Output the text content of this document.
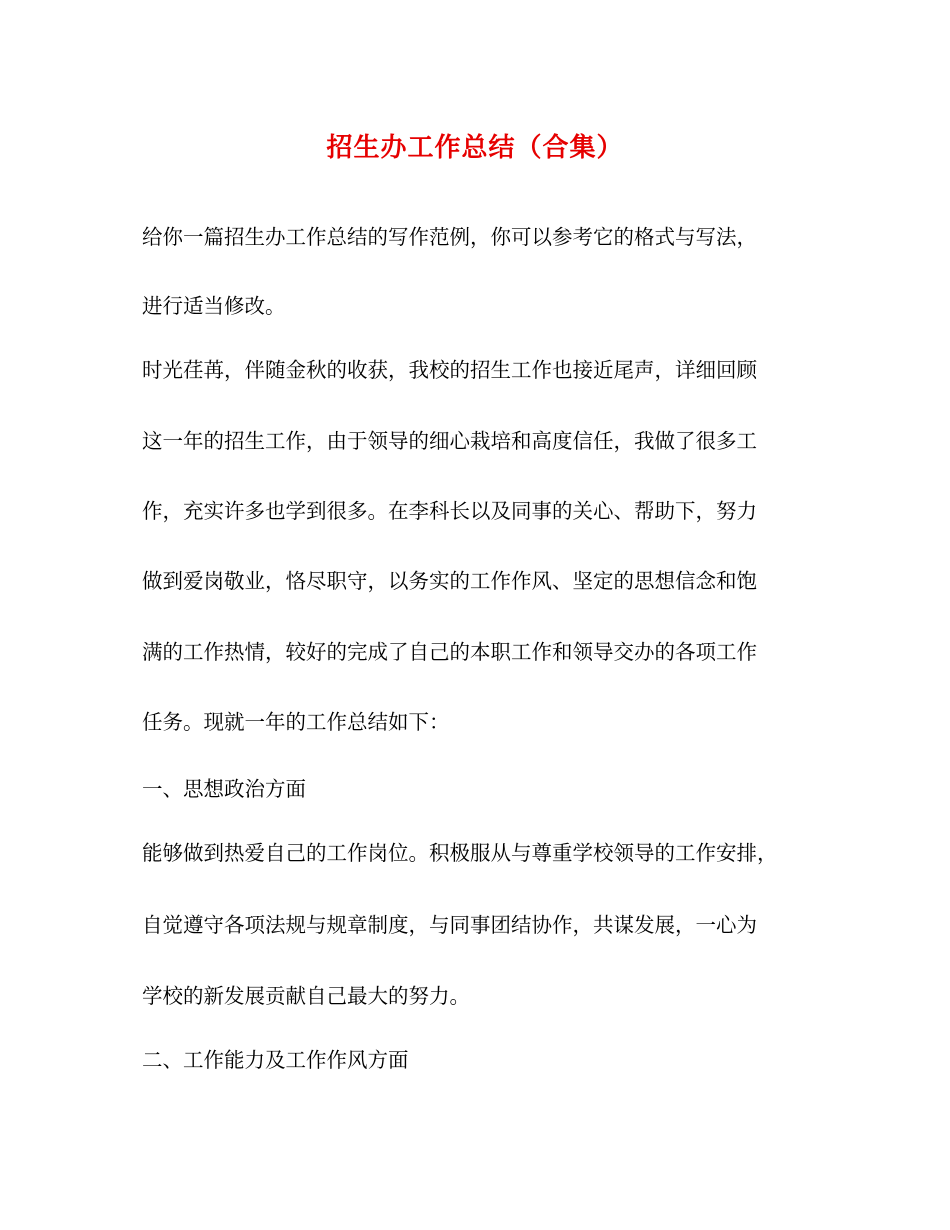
招生办工作总结（合集）
给你一篇招生办工作总结的写作范例，你可以参考它的格式与写法，
进行适当修改。
时光荏苒，伴随金秋的收获，我校的招生工作也接近尾声，详细回顾
这一年的招生工作，由于领导的细心栽培和高度信任，我做了很多工
作，充实许多也学到很多。在李科长以及同事的关心、帮助下，努力
做到爱岗敬业，恪尽职守，以务实的工作作风、坚定的思想信念和饱
满的工作热情，较好的完成了自己的本职工作和领导交办的各项工作
任务。现就一年的工作总结如下：
一、思想政治方面
能够做到热爱自己的工作岗位。积极服从与尊重学校领导的工作安排，
自觉遵守各项法规与规章制度，与同事团结协作，共谋发展，一心为
学校的新发展贡献自己最大的努力。
二、工作能力及工作作风方面
